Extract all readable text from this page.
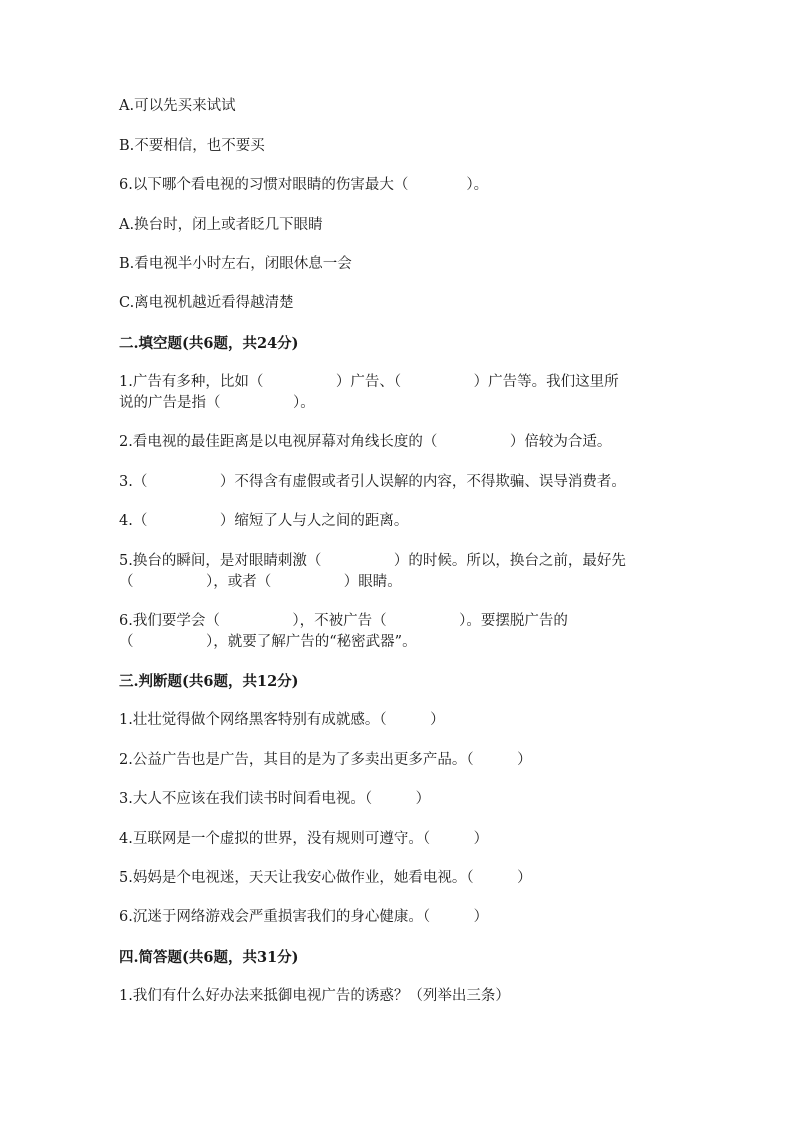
A.可以先买来试试
B.不要相信，也不要买
6.以下哪个看电视的习惯对眼睛的伤害最大（　　　　）。
A.换台时，闭上或者眨几下眼睛
B.看电视半小时左右，闭眼休息一会
C.离电视机越近看得越清楚
二.填空题(共6题，共24分)
1.广告有多种，比如（　　　　　）广告、（　　　　　）广告等。我们这里所
说的广告是指（　　　　　）。
2.看电视的最佳距离是以电视屏幕对角线长度的（　　　　　）倍较为合适。
3.（　　　　　）不得含有虚假或者引人误解的内容，不得欺骗、误导消费者。
4.（　　　　　）缩短了人与人之间的距离。
5.换台的瞬间，是对眼睛刺激（　　　　　）的时候。所以，换台之前，最好先
（　　　　　），或者（　　　　　）眼睛。
6.我们要学会（　　　　　），不被广告（　　　　　）。要摆脱广告的
（　　　　　），就要了解广告的“秘密武器”。
三.判断题(共6题，共12分)
1.壮壮觉得做个网络黑客特别有成就感。（　　　）
2.公益广告也是广告，其目的是为了多卖出更多产品。（　　　）
3.大人不应该在我们读书时间看电视。（　　　）
4.互联网是一个虚拟的世界，没有规则可遵守。（　　　）
5.妈妈是个电视迷，天天让我安心做作业，她看电视。（　　　）
6.沉迷于网络游戏会严重损害我们的身心健康。（　　　）
四.简答题(共6题，共31分)
1.我们有什么好办法来抵御电视广告的诱惑？（列举出三条）
